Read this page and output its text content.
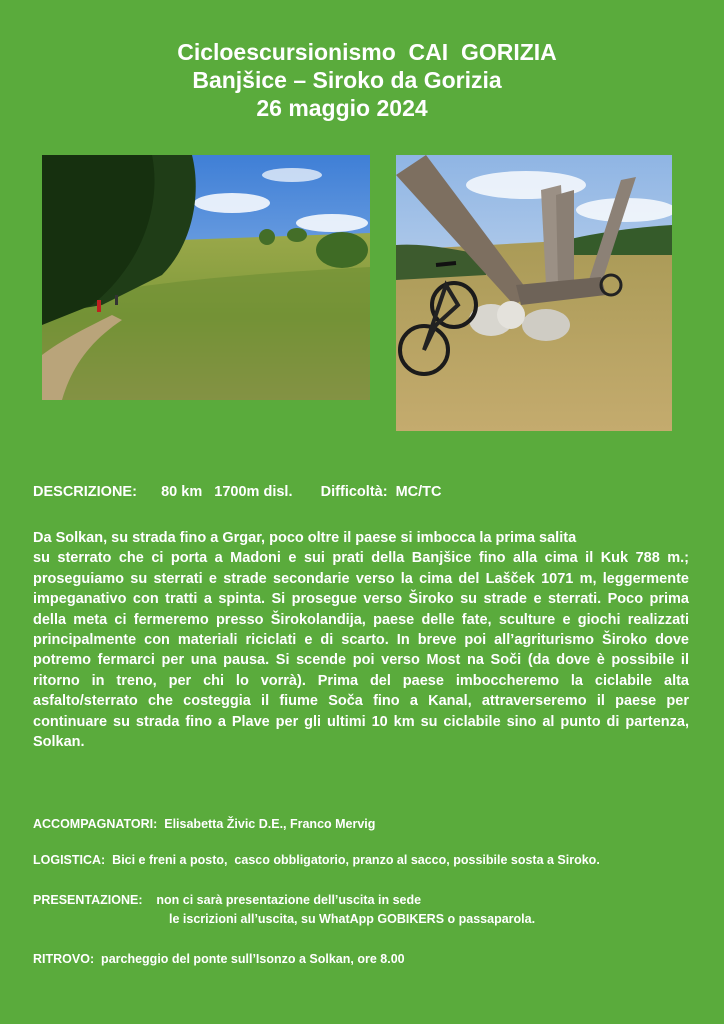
Cicloescursionismo  CAI  GORIZIA
Banjšice – Siroko da Gorizia
26 maggio 2024
DESCRIZIONE:      80 km   1700m disl.       Difficoltà:  MC/TC
Da Solkan, su strada fino a Grgar, poco oltre il paese si imbocca la prima salita
su sterrato che ci porta a Madoni e sui prati della Banjšice fino alla cima il Kuk 788 m.; proseguiamo su sterrati e strade secondarie verso la cima del Lašček 1071 m, leggermente impeganativo con tratti a spinta. Si prosegue verso Široko su strade e sterrati. Poco prima della meta ci fermeremo presso Širokolandija, paese delle fate, sculture e giochi realizzati principalmente con materiali riciclati e di scarto. In breve poi all’agriturismo Široko dove potremo fermarci per una pausa. Si scende poi verso Most na Soči (da dove è possibile il ritorno in treno, per chi lo vorrà). Prima del paese imboccheremo la ciclabile alta asfalto/sterrato che costeggia il fiume Soča fino a Kanal, attraverseremo il paese per continuare su strada fino a Plave per gli ultimi 10 km su ciclabile sino al punto di partenza, Solkan.
ACCOMPAGNATORI:  Elisabetta Živic D.E., Franco Mervig
LOGISTICA:  Bici e freni a posto,  casco obbligatorio, pranzo al sacco, possibile sosta a Siroko.
PRESENTAZIONE:    non ci sarà presentazione dell’uscita in sede
le iscrizioni all’uscita, su WhatApp GOBIKERS o passaparola.
RITROVO:  parcheggio del ponte sull’Isonzo a Solkan, ore 8.00
